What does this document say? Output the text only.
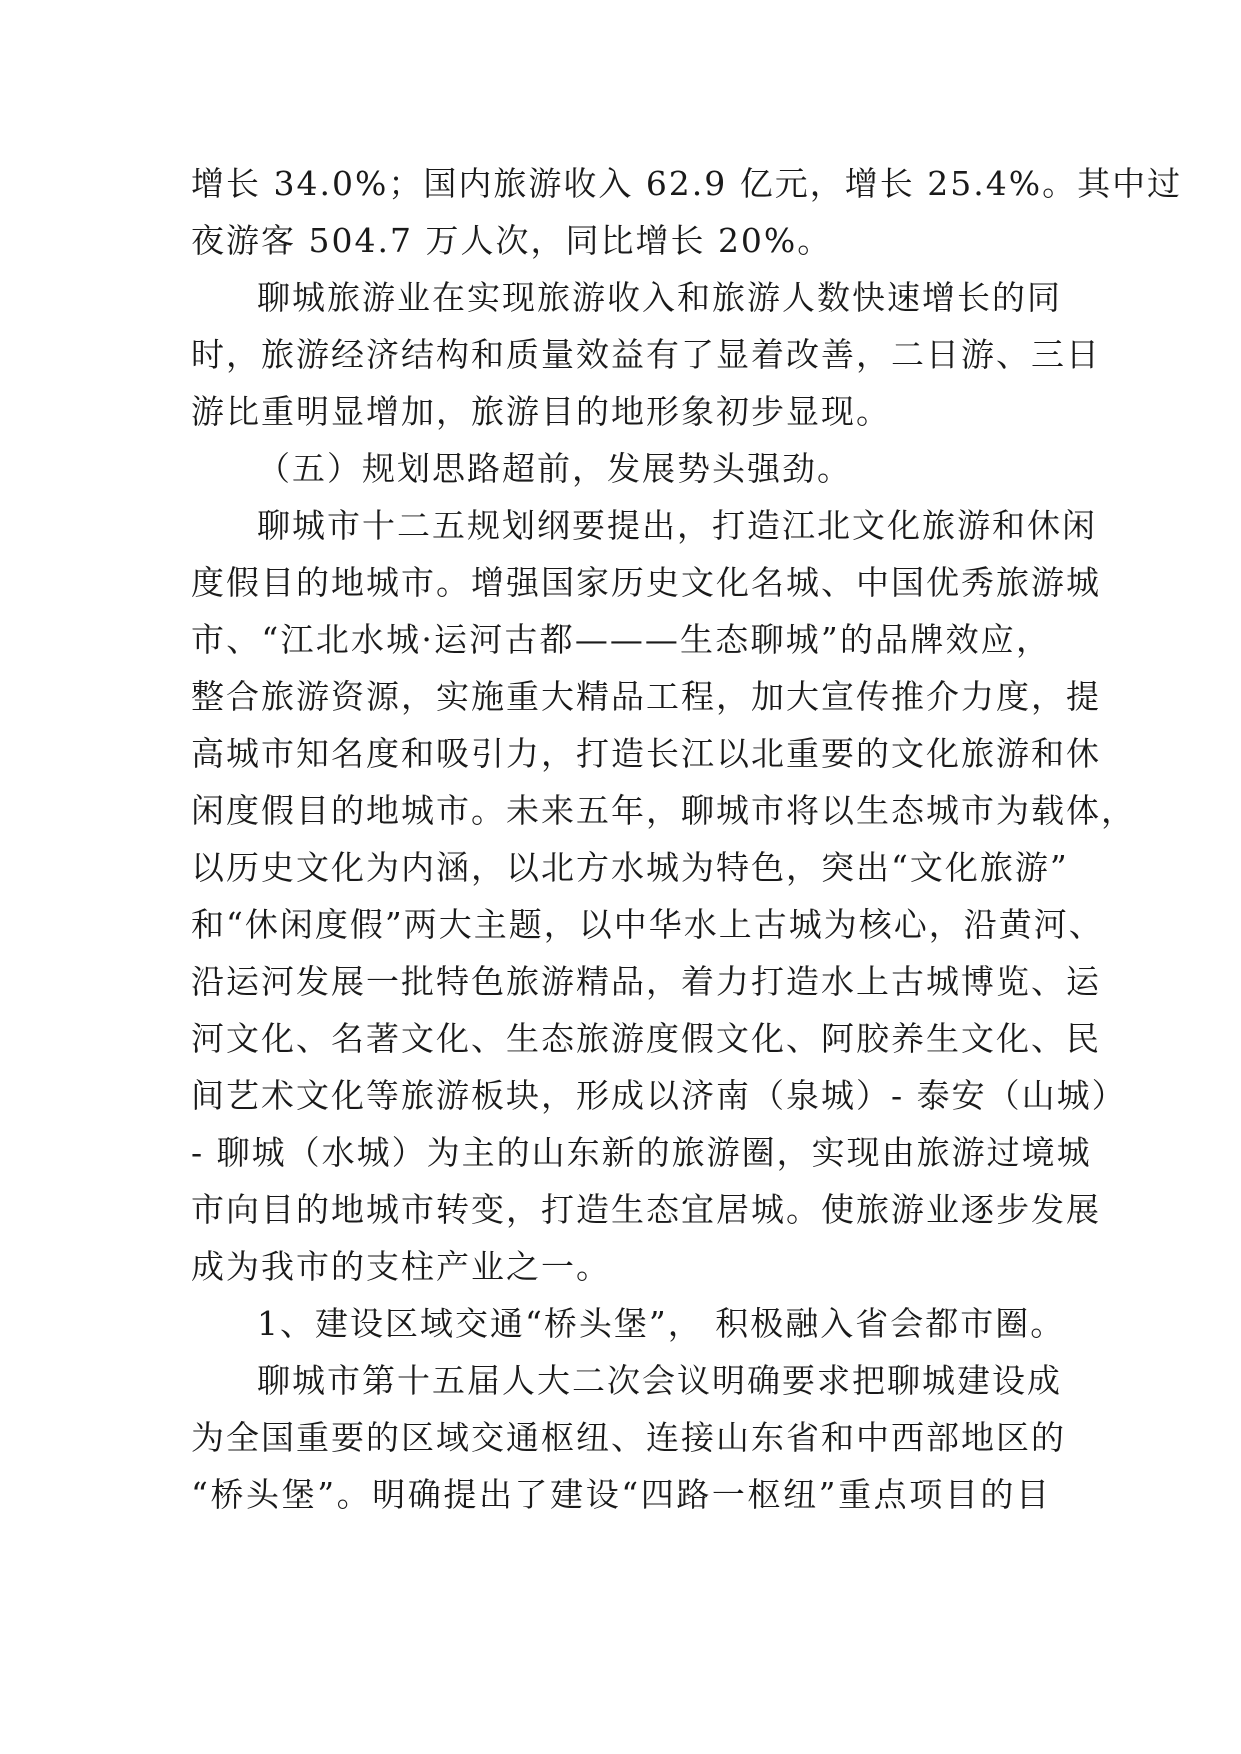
增长 34.0%；国内旅游收入 62.9 亿元，增长 25.4%。其中过
夜游客 504.7 万人次，同比增长 20%。
聊城旅游业在实现旅游收入和旅游人数快速增长的同
时，旅游经济结构和质量效益有了显着改善，二日游、三日
游比重明显增加，旅游目的地形象初步显现。
（五）规划思路超前，发展势头强劲。
聊城市十二五规划纲要提出，打造江北文化旅游和休闲
度假目的地城市。增强国家历史文化名城、中国优秀旅游城
市、“江北水城·运河古都———生态聊城”的品牌效应，
整合旅游资源，实施重大精品工程，加大宣传推介力度，提
高城市知名度和吸引力，打造长江以北重要的文化旅游和休
闲度假目的地城市。未来五年，聊城市将以生态城市为载体，
以历史文化为内涵，以北方水城为特色，突出“文化旅游”
和“休闲度假”两大主题，以中华水上古城为核心，沿黄河、
沿运河发展一批特色旅游精品，着力打造水上古城博览、运
河文化、名著文化、生态旅游度假文化、阿胶养生文化、民
间艺术文化等旅游板块，形成以济南（泉城）- 泰安（山城）
- 聊城（水城）为主的山东新的旅游圈，实现由旅游过境城
市向目的地城市转变，打造生态宜居城。使旅游业逐步发展
成为我市的支柱产业之一。
1、建设区域交通“桥头堡”， 积极融入省会都市圈。
聊城市第十五届人大二次会议明确要求把聊城建设成
为全国重要的区域交通枢纽、连接山东省和中西部地区的
“桥头堡”。明确提出了建设“四路一枢纽”重点项目的目
